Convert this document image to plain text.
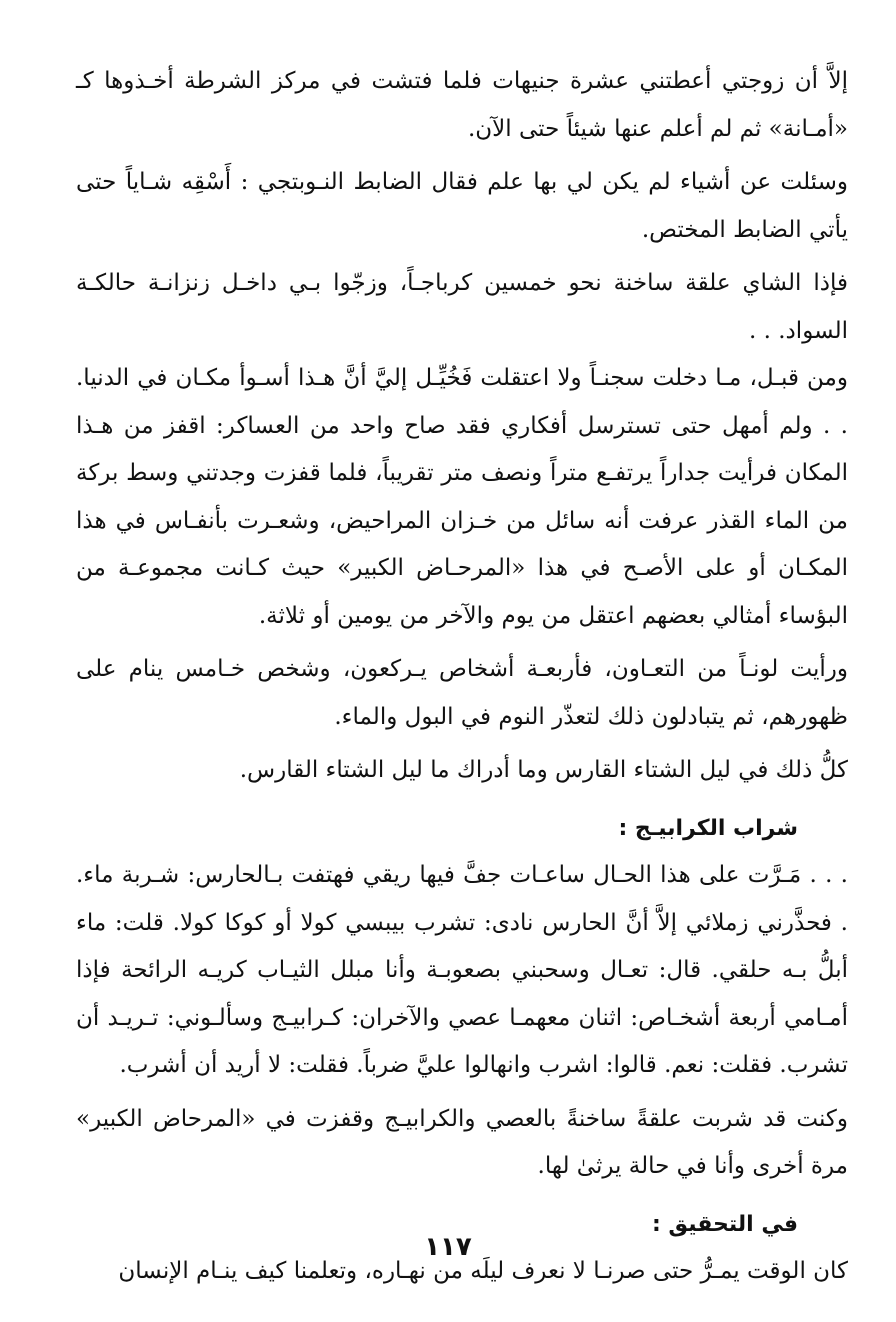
إلاَّ أن زوجتي أعطتني عشرة جنيهات فلما فتشت في مركز الشرطة أخـذوها كـ «أمـانة» ثم لم أعلم عنها شيئاً حتى الآن.

وسئلت عن أشياء لم يكن لي بها علم فقال الضابط النـوبتجي : أَسْقِه شـاياً حتى يأتي الضابط المختص.

فإذا الشاي علقة ساخنة نحو خمسين كرباجـاً، وزجّوا بـي داخـل زنزانـة حالكـة السواد. . .

ومن قبـل، مـا دخلت سجنـاً ولا اعتقلت فَخُيِّـل إليَّ أنَّ هـذا أسـوأ مكـان في الدنيا. . . ولم أمهل حتى تسترسل أفكاري فقد صاح واحد من العساكر: اقفز من هـذا المكان فرأيت جداراً يرتفـع متراً ونصف متر تقريباً، فلما قفزت وجدتني وسط بركة من الماء القذر عرفت أنه سائل من خـزان المراحيض، وشعـرت بأنفـاس في هذا المكـان أو على الأصـح في هذا «المرحـاض الكبير» حيث كـانت مجموعـة من البؤساء أمثالي بعضهم اعتقل من يوم والآخر من يومين أو ثلاثة.

ورأيت لونـاً من التعـاون، فأربعـة أشخاص يـركعون، وشخص خـامس ينام على ظهورهم، ثم يتبادلون ذلك لتعذّر النوم في البول والماء.

كلُّ ذلك في ليل الشتاء القارس وما أدراك ما ليل الشتاء القارس.

شراب الكرابيـج :

. . . مَـرَّت على هذا الحـال ساعـات جفَّ فيها ريقي فهتفت بـالحارس: شـربة ماء. . فحذَّرني زملائي إلاَّ أنَّ الحارس نادى: تشرب بيبسي كولا أو كوكا كولا. قلت: ماء أبلُّ بـه حلقي. قال: تعـال وسحبني بصعوبـة وأنا مبلل الثيـاب كريـه الرائحة فإذا أمـامي أربعة أشخـاص: اثنان معهمـا عصي والآخران: كـرابيـج وسألـوني: تـريـد أن تشرب. فقلت: نعم. قالوا: اشرب وانهالوا عليَّ ضرباً. فقلت: لا أريد أن أشرب.

وكنت قد شربت علقةً ساخنةً بالعصي والكرابيـج وقفزت في «المرحاض الكبير» مرة أخرى وأنا في حالة يرثىٰ لها.

في التحقيق :

كان الوقت يمـرُّ حتى صرنـا لا نعرف ليلَه من نهـاره، وتعلمنا كيف ينـام الإنسان

١١٧
